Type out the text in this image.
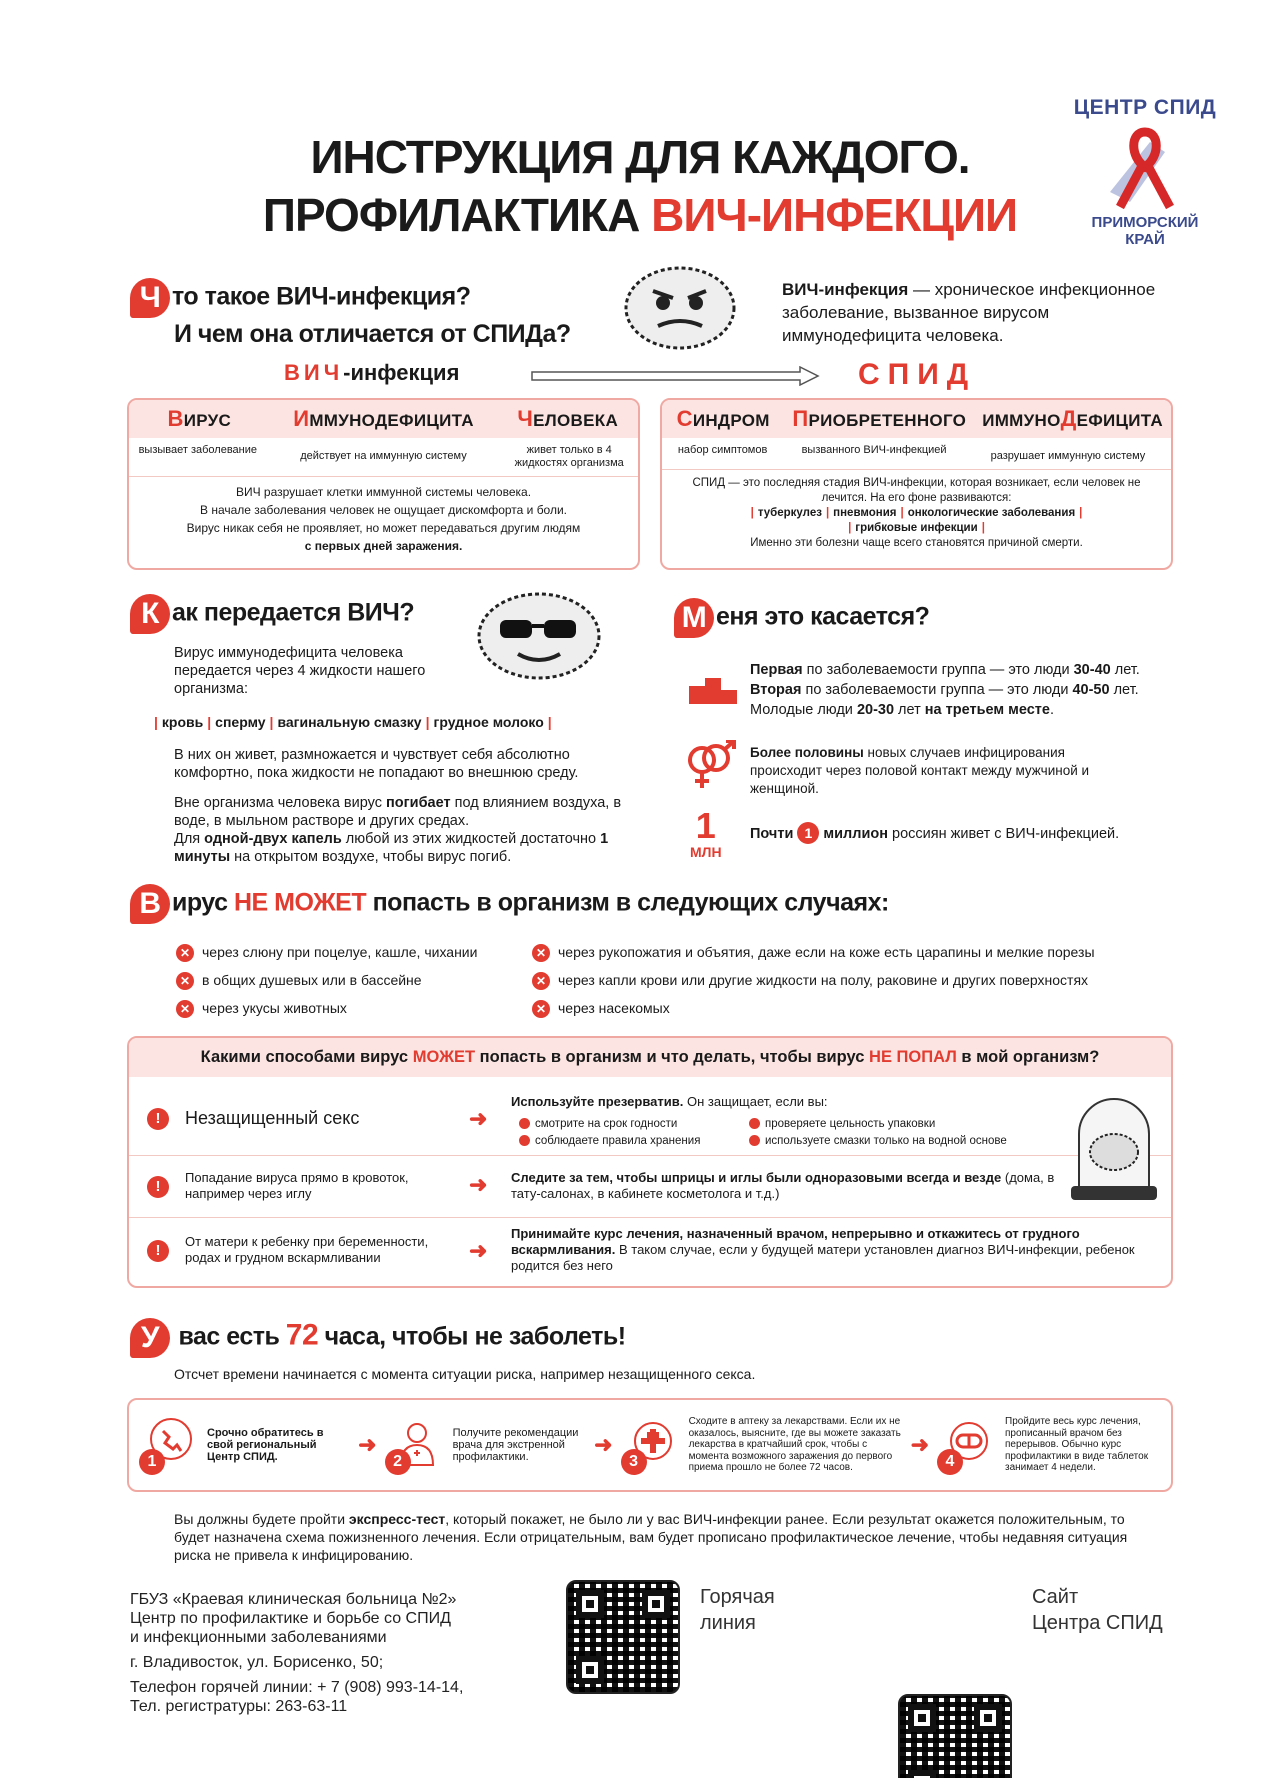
ЦЕНТР СПИД
ПРИМОРСКИЙ КРАЙ
ИНСТРУКЦИЯ ДЛЯ КАЖДОГО.
ПРОФИЛАКТИКА ВИЧ-ИНФЕКЦИИ
Ч то такое ВИЧ-инфекция?
И чем она отличается от СПИДа?
ВИЧ-инфекция — хроническое инфекционное заболевание, вызванное вирусом иммунодефицита человека.
ВИЧ-инфекция	СПИД
ВИРУС	ИММУНОДЕФИЦИТА	ЧЕЛОВЕКА
вызывает заболевание	действует на иммунную систему	живет только в 4 жидкостях организма
ВИЧ разрушает клетки иммунной системы человека.
В начале заболевания человек не ощущает дискомфорта и боли.
Вирус никак себя не проявляет, но может передаваться другим людям
с первых дней заражения.
СИНДРОМ	ПРИОБРЕТЕННОГО ИММУНОДЕФИЦИТА
набор симптомов	вызванного ВИЧ-инфекцией	разрушает иммунную систему
СПИД — это последняя стадия ВИЧ-инфекции, которая возникает, если человек не лечится. На его фоне развиваются:
| туберкулез | пневмония | онкологические заболевания |
| грибковые инфекции |
Именно эти болезни чаще всего становятся причиной смерти.
К ак передается ВИЧ?
Вирус иммунодефицита человека передается через 4 жидкости нашего организма:
| кровь | сперму | вагинальную смазку | грудное молоко |
В них он живет, размножается и чувствует себя абсолютно комфортно, пока жидкости не попадают во внешнюю среду.
Вне организма человека вирус погибает под влиянием воздуха, в воде, в мыльном растворе и других средах.
Для одной-двух капель любой из этих жидкостей достаточно 1 минуты на открытом воздухе, чтобы вирус погиб.
М еня это касается?
Первая по заболеваемости группа — это люди 30-40 лет.
Вторая по заболеваемости группа — это люди 40-50 лет.
Молодые люди 20-30 лет на третьем месте.
Более половины новых случаев инфицирования происходит через половой контакт между мужчиной и женщиной.
1
МЛН
Почти 1 миллион россиян живет с ВИЧ-инфекцией.
В ирус НЕ МОЖЕТ попасть в организм в следующих случаях:
✕ через слюну при поцелуе, кашле, чихании
✕ в общих душевых или в бассейне
✕ через укусы животных
✕ через рукопожатия и объятия, даже если на коже есть царапины и мелкие порезы
✕ через капли крови или другие жидкости на полу, раковине и других поверхностях
✕ через насекомых
Какими способами вирус МОЖЕТ попасть в организм и что делать, чтобы вирус НЕ ПОПАЛ в мой организм?
!	Незащищенный секс	➜
Используйте презерватив. Он защищает, если вы:
смотрите на срок годности	проверяете цельность упаковки
соблюдаете правила хранения	используете смазки только на водной основе
!
Попадание вируса прямо в кровоток, например через иглу	➜ Следите за тем, чтобы шприцы и иглы были одноразовыми всегда и везде (дома, в тату-салонах, в кабинете косметолога и т.д.)
!
От матери к ребенку при беременности, родах и грудном вскармливании	➜
Принимайте курс лечения, назначенный врачом, непрерывно и откажитесь от грудного вскармливания. В таком случае, если у будущей матери установлен диагноз ВИЧ-инфекции, ребенок родится без него
У вас есть 72 часа, чтобы не заболеть!
Отсчет времени начинается с момента ситуации риска, например незащищенного секса.
1
Срочно обратитесь в свой региональный Центр СПИД.	➜
2
Получите рекомендации врача для экстренной профилактики.	➜
3
Сходите в аптеку за лекарствами. Если их не оказалось, выясните, где вы можете заказать лекарства в кратчайший срок, чтобы с момента возможного заражения до первого приема прошло не более 72 часов.
➜
4
Пройдите весь курс лечения, прописанный врачом без перерывов. Обычно курс профилактики в виде таблеток занимает 4 недели.
Вы должны будете пройти экспресс-тест, который покажет, не было ли у вас ВИЧ-инфекции ранее. Если результат окажется положительным, то будет назначена схема пожизненного лечения. Если отрицательным, вам будет прописано профилактическое лечение, чтобы недавняя ситуация риска не привела к инфицированию.
ГБУЗ «Краевая клиническая больница №2»
Центр по профилактике и борьбе со СПИД
и инфекционными заболеваниями
г. Владивосток, ул. Борисенко, 50;
Телефон горячей линии: + 7 (908) 993-14-14,
Тел. регистратуры: 263-63-11
Горячая
линия
Сайт
Центра СПИД
